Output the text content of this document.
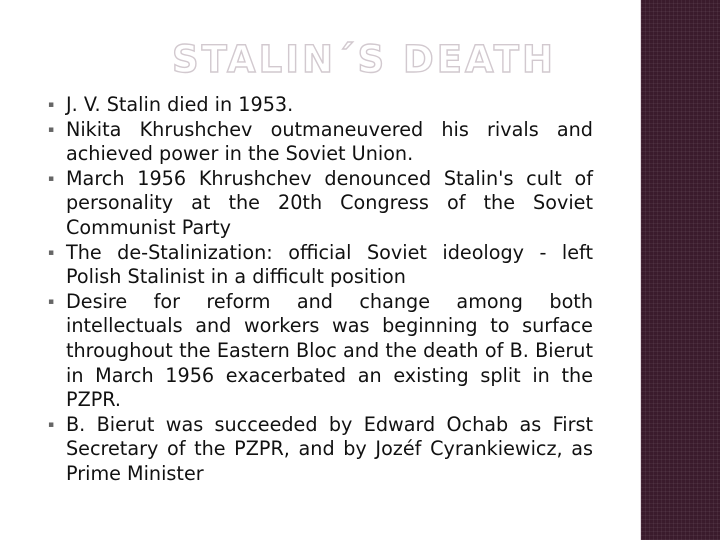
STALIN´S DEATH
▪ J. V. Stalin died in 1953.
▪ Nikita Khrushchev outmaneuvered his rivals and achieved power in the Soviet Union.
▪ March 1956 Khrushchev denounced Stalin's cult of personality at the 20th Congress of the Soviet Communist Party
▪ The de-Stalinization: official Soviet ideology - left Polish Stalinist in a difficult position
▪ Desire for reform and change among both intellectuals and workers was beginning to surface throughout the Eastern Bloc and the death of B. Bierut in March 1956 exacerbated an existing split in the PZPR.
▪ B. Bierut was succeeded by Edward Ochab as First Secretary of the PZPR, and by Jozéf Cyrankiewicz, as Prime Minister
